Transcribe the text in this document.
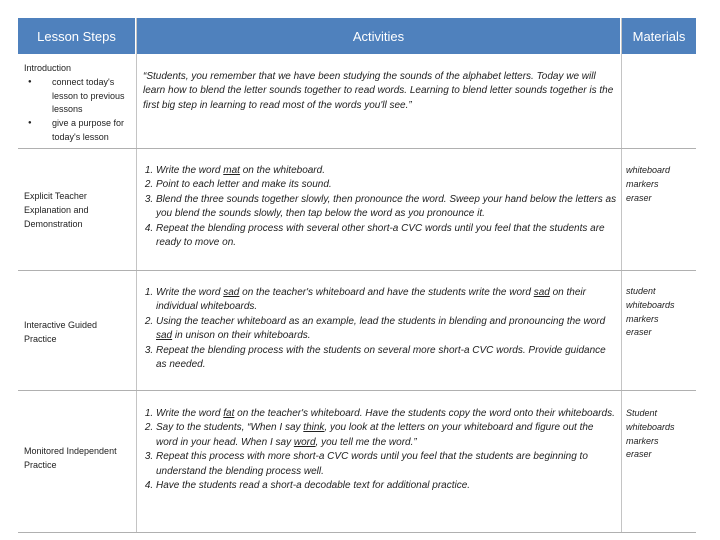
Lesson Steps	Activities	Materials
Introduction
● connect today's lesson to previous lessons
● give a purpose for today's lesson
“Students, you remember that we have been studying the sounds of the alphabet letters. Today we will learn how to blend the letter sounds together to read words. Learning to blend letter sounds together is the first big step in learning to read most of the words you'll see.”
Explicit Teacher Explanation and Demonstration
1. Write the word mat on the whiteboard.
2. Point to each letter and make its sound.
3. Blend the three sounds together slowly, then pronounce the word. Sweep your hand below the letters as you blend the sounds slowly, then tap below the word as you pronounce it.
4. Repeat the blending process with several other short-a CVC words until you feel that the students are ready to move on.
whiteboard
markers
eraser
Interactive Guided Practice
1. Write the word sad on the teacher's whiteboard and have the students write the word sad on their individual whiteboards.
2. Using the teacher whiteboard as an example, lead the students in blending and pronouncing the word sad in unison on their whiteboards.
3. Repeat the blending process with the students on several more short-a CVC words. Provide guidance as needed.
student
whiteboards
markers
eraser
Monitored Independent Practice
1. Write the word fat on the teacher's whiteboard. Have the students copy the word onto their whiteboards.
2. Say to the students, “When I say think, you look at the letters on your whiteboard and figure out the word in your head. When I say word, you tell me the word.”
3. Repeat this process with more short-a CVC words until you feel that the students are beginning to understand the blending process well.
4. Have the students read a short-a decodable text for additional practice.
Student
whiteboards
markers
eraser
